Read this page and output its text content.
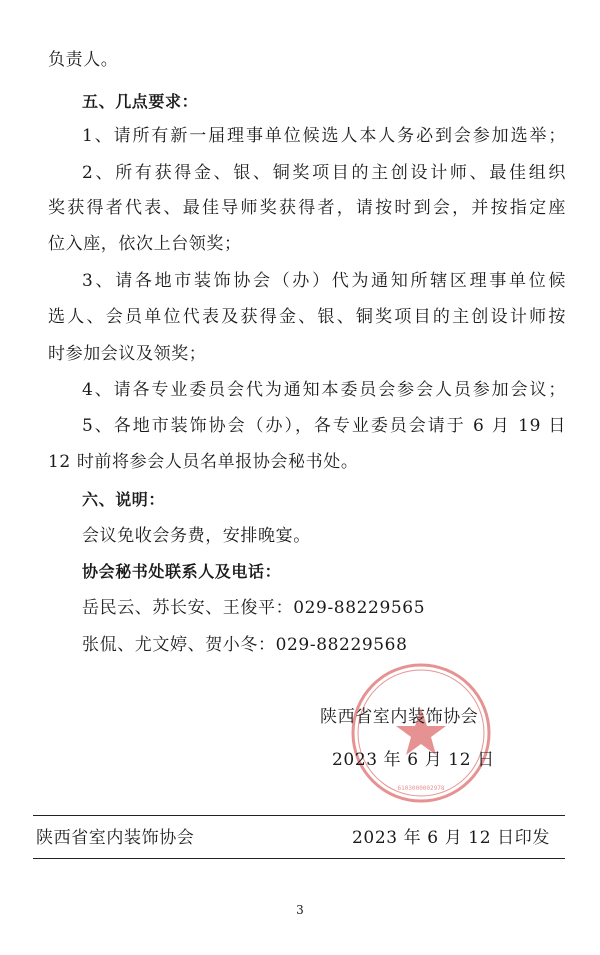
6103000002978
负责人。
五、几点要求：
1、请所有新一届理事单位候选人本人务必到会参加选举；
2、所有获得金、银、铜奖项目的主创设计师、最佳组织
奖获得者代表、最佳导师奖获得者，请按时到会，并按指定座
位入座，依次上台领奖；
3、请各地市装饰协会（办）代为通知所辖区理事单位候
选人、会员单位代表及获得金、银、铜奖项目的主创设计师按
时参加会议及领奖；
4、请各专业委员会代为通知本委员会参会人员参加会议；
5、各地市装饰协会（办），各专业委员会请于 6 月 19 日
12 时前将参会人员名单报协会秘书处。
六、说明：
会议免收会务费，安排晚宴。
协会秘书处联系人及电话：
岳民云、苏长安、王俊平：029-88229565
张侃、尤文婷、贺小冬：029-88229568
陕西省室内装饰协会
2023 年 6 月 12 日
陕西省室内装饰协会	2023 年 6 月 12 日印发
3
